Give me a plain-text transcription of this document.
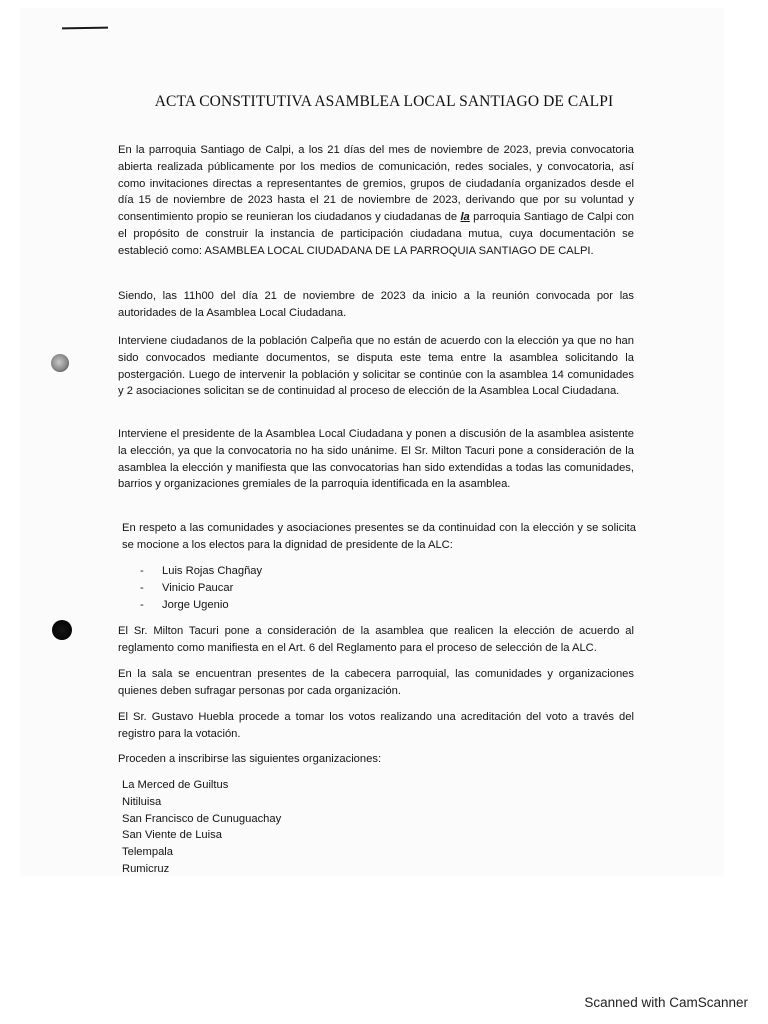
ACTA CONSTITUTIVA ASAMBLEA LOCAL SANTIAGO DE CALPI

En la parroquia Santiago de Calpi, a los 21 días del mes de noviembre de 2023, previa convocatoria abierta realizada públicamente por los medios de comunicación, redes sociales, y convocatoria, así como invitaciones directas a representantes de gremios, grupos de ciudadanía organizados desde el día 15 de noviembre de 2023 hasta el 21 de noviembre de 2023, derivando que por su voluntad y consentimiento propio se reunieran los ciudadanos y ciudadanas de la parroquia Santiago de Calpi con el propósito de construir la instancia de participación ciudadana mutua, cuya documentación se estableció como: ASAMBLEA LOCAL CIUDADANA DE LA PARROQUIA SANTIAGO DE CALPI.

Siendo, las 11h00 del día 21 de noviembre de 2023 da inicio a la reunión convocada por las autoridades de la Asamblea Local Ciudadana.

Interviene ciudadanos de la población Calpeña que no están de acuerdo con la elección ya que no han sido convocados mediante documentos, se disputa este tema entre la asamblea solicitando la postergación. Luego de intervenir la población y solicitar se continúe con la asamblea 14 comunidades y 2 asociaciones solicitan se de continuidad al proceso de elección de la Asamblea Local Ciudadana.

Interviene el presidente de la Asamblea Local Ciudadana y ponen a discusión de la asamblea asistente la elección, ya que la convocatoria no ha sido unánime. El Sr. Milton Tacuri pone a consideración de la asamblea la elección y manifiesta que las convocatorias han sido extendidas a todas las comunidades, barrios y organizaciones gremiales de la parroquia identificada en la asamblea.

En respeto a las comunidades y asociaciones presentes se da continuidad con la elección y se solicita se mocione a los electos para la dignidad de presidente de la ALC:

- Luis Rojas Chagñay
- Vinicio Paucar
- Jorge Ugenio

El Sr. Milton Tacuri pone a consideración de la asamblea que realicen la elección de acuerdo al reglamento como manifiesta en el Art. 6 del Reglamento para el proceso de selección de la ALC.

En la sala se encuentran presentes de la cabecera parroquial, las comunidades y organizaciones quienes deben sufragar personas por cada organización.

El Sr. Gustavo Huebla procede a tomar los votos realizando una acreditación del voto a través del registro para la votación.

Proceden a inscribirse las siguientes organizaciones:

La Merced de Guiltus
Nitiluisa
San Francisco de Cunuguachay
San Viente de Luisa
Telempala
Rumicruz
Scanned with CamScanner
